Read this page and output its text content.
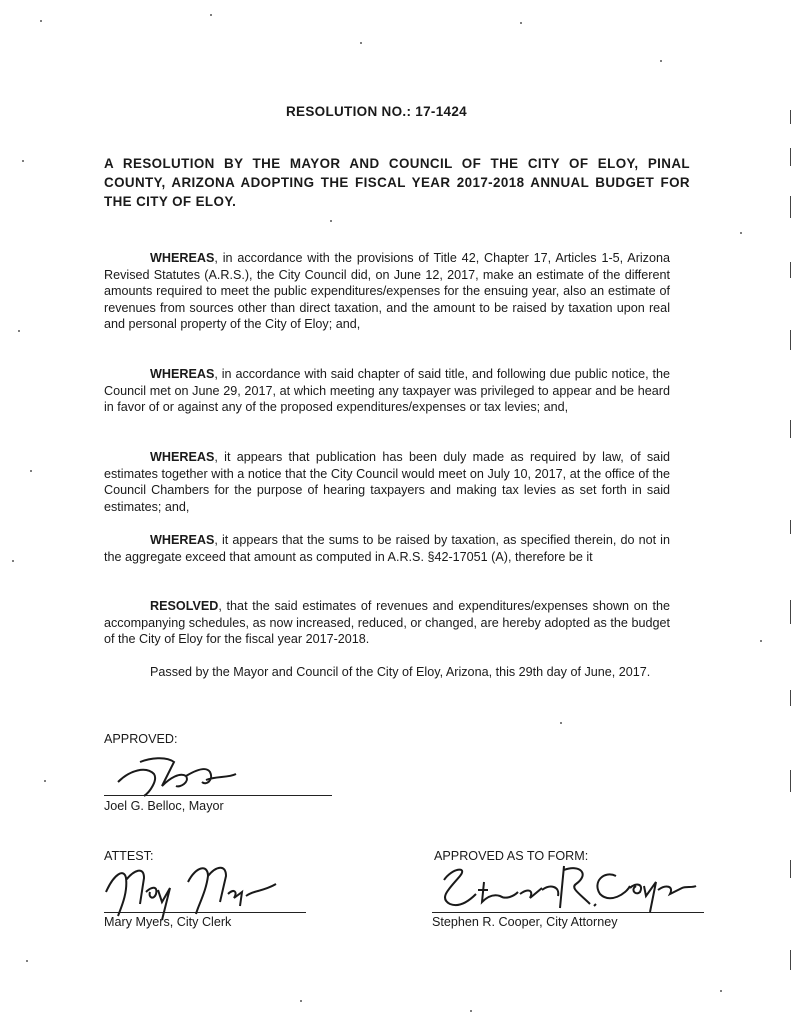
RESOLUTION NO.: 17-1424
A RESOLUTION BY THE MAYOR AND COUNCIL OF THE CITY OF ELOY, PINAL COUNTY, ARIZONA ADOPTING THE FISCAL YEAR 2017-2018 ANNUAL BUDGET FOR THE CITY OF ELOY.
WHEREAS, in accordance with the provisions of Title 42, Chapter 17, Articles 1-5, Arizona Revised Statutes (A.R.S.), the City Council did, on June 12, 2017, make an estimate of the different amounts required to meet the public expenditures/expenses for the ensuing year, also an estimate of revenues from sources other than direct taxation, and the amount to be raised by taxation upon real and personal property of the City of Eloy; and,
WHEREAS, in accordance with said chapter of said title, and following due public notice, the Council met on June 29, 2017, at which meeting any taxpayer was privileged to appear and be heard in favor of or against any of the proposed expenditures/expenses or tax levies; and,
WHEREAS, it appears that publication has been duly made as required by law, of said estimates together with a notice that the City Council would meet on July 10, 2017, at the office of the Council Chambers for the purpose of hearing taxpayers and making tax levies as set forth in said estimates; and,
WHEREAS, it appears that the sums to be raised by taxation, as specified therein, do not in the aggregate exceed that amount as computed in A.R.S. §42-17051 (A), therefore be it
RESOLVED, that the said estimates of revenues and expenditures/expenses shown on the accompanying schedules, as now increased, reduced, or changed, are hereby adopted as the budget of the City of Eloy for the fiscal year 2017-2018.
Passed by the Mayor and Council of the City of Eloy, Arizona, this 29th day of June, 2017.
APPROVED:
Joel G. Belloc, Mayor
ATTEST:
Mary Myers, City Clerk
APPROVED AS TO FORM:
Stephen R. Cooper, City Attorney
